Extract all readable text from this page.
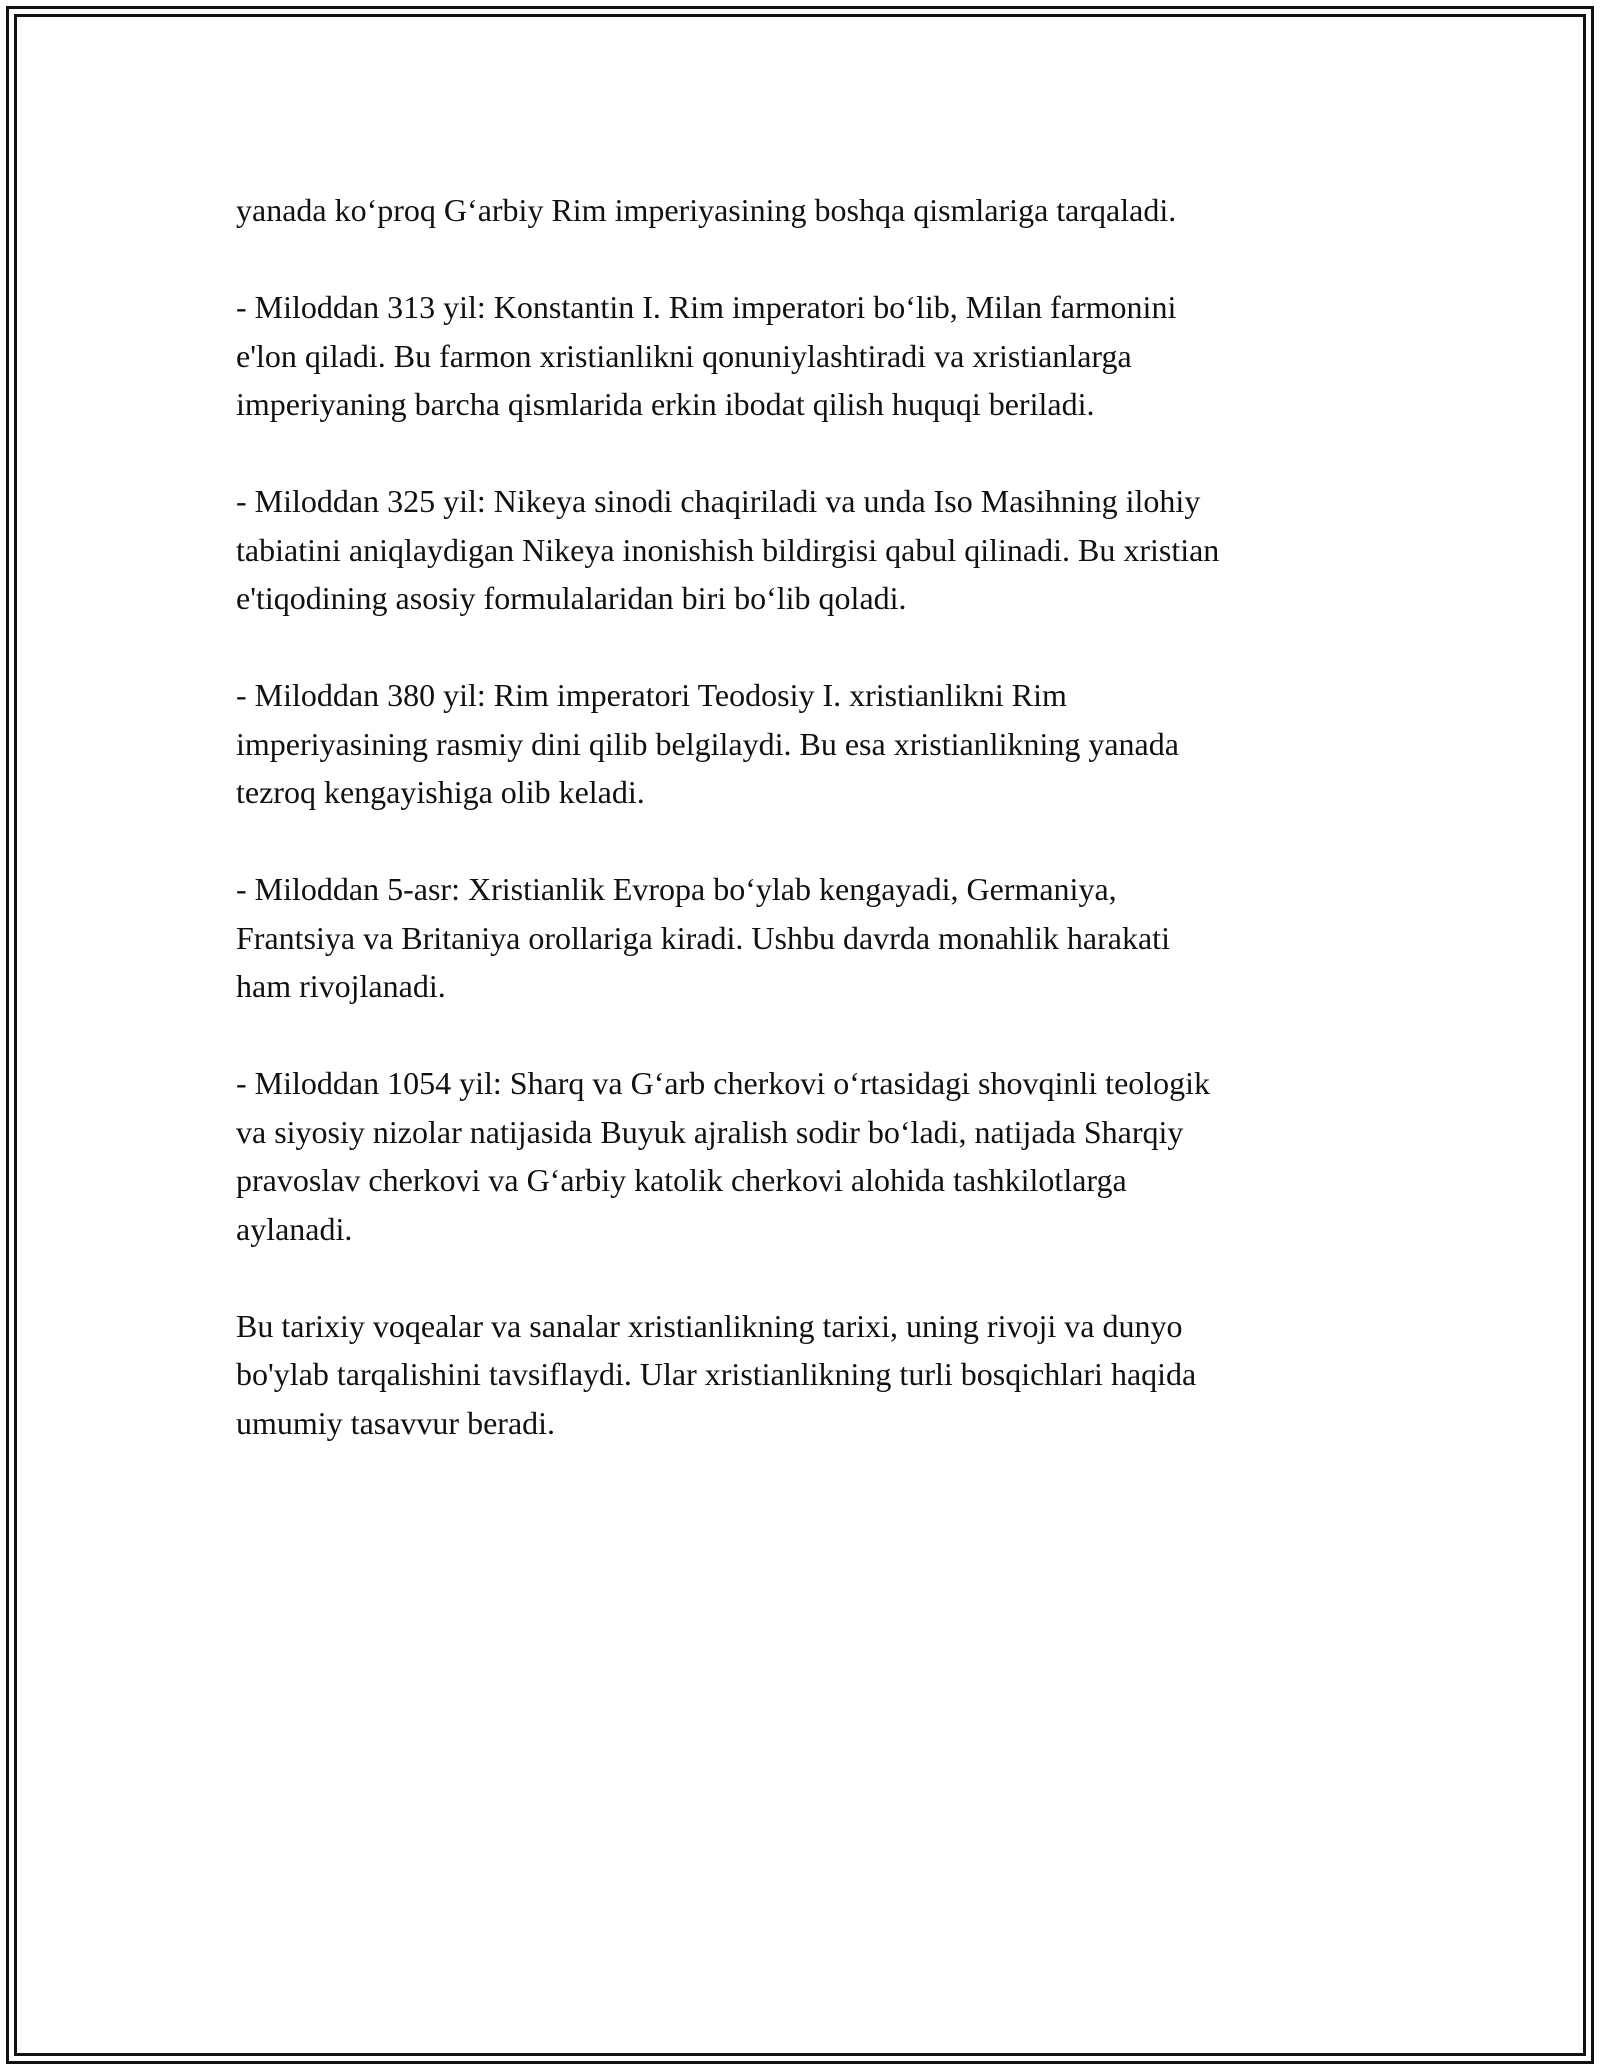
yanada ko‘proq G‘arbiy Rim imperiyasining boshqa qismlariga tarqaladi.

- Miloddan 313 yil: Konstantin I. Rim imperatori bo‘lib, Milan farmonini
e'lon qiladi. Bu farmon xristianlikni qonuniylashtiradi va xristianlarga
imperiyaning barcha qismlarida erkin ibodat qilish huquqi beriladi.

- Miloddan 325 yil: Nikeya sinodi chaqiriladi va unda Iso Masihning ilohiy
tabiatini aniqlaydigan Nikeya inonishish bildirgisi qabul qilinadi. Bu xristian
e'tiqodining asosiy formulalaridan biri bo‘lib qoladi.

- Miloddan 380 yil: Rim imperatori Teodosiy I. xristianlikni Rim
imperiyasining rasmiy dini qilib belgilaydi. Bu esa xristianlikning yanada
tezroq kengayishiga olib keladi.

- Miloddan 5-asr: Xristianlik Evropa bo‘ylab kengayadi, Germaniya,
Frantsiya va Britaniya orollariga kiradi. Ushbu davrda monahlik harakati
ham rivojlanadi.

- Miloddan 1054 yil: Sharq va G‘arb cherkovi o‘rtasidagi shovqinli teologik
va siyosiy nizolar natijasida Buyuk ajralish sodir bo‘ladi, natijada Sharqiy
pravoslav cherkovi va G‘arbiy katolik cherkovi alohida tashkilotlarga
aylanadi.

Bu tarixiy voqealar va sanalar xristianlikning tarixi, uning rivoji va dunyo
bo'ylab tarqalishini tavsiflaydi. Ular xristianlikning turli bosqichlari haqida
umumiy tasavvur beradi.
